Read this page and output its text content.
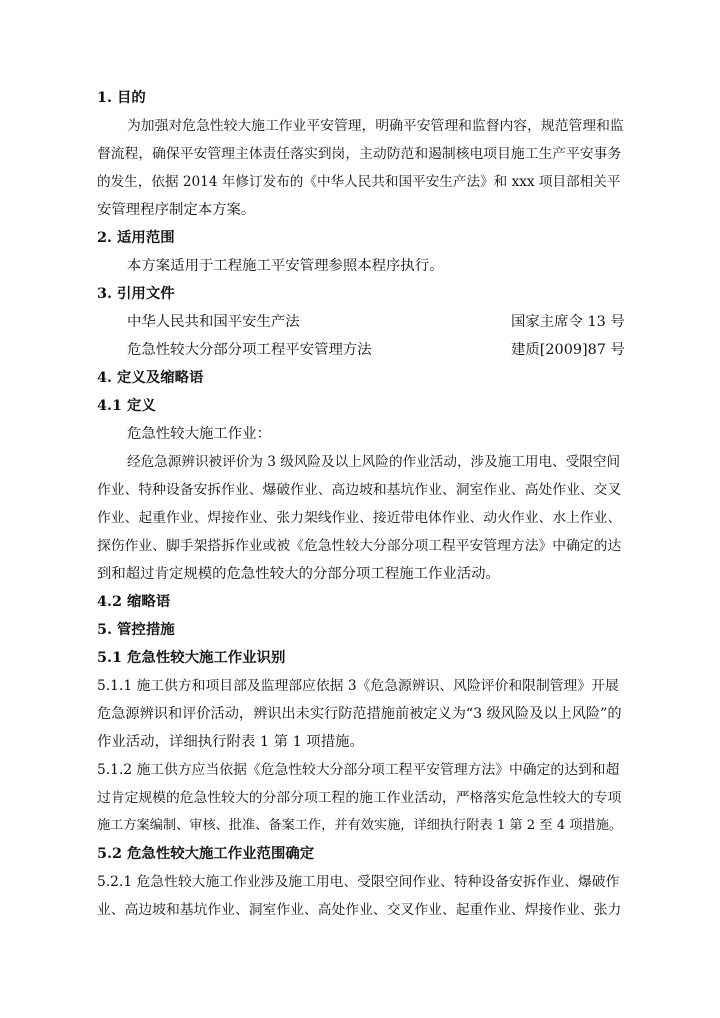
1. 目的
为加强对危急性较大施工作业平安管理，明确平安管理和监督内容，规范管理和监
督流程，确保平安管理主体责任落实到岗，主动防范和遏制核电项目施工生产平安事务
的发生，依据 2014 年修订发布的《中华人民共和国平安生产法》和 xxx 项目部相关平
安管理程序制定本方案。
2. 适用范围
本方案适用于工程施工平安管理参照本程序执行。
3. 引用文件
中华人民共和国平安生产法	国家主席令 13 号
危急性较大分部分项工程平安管理方法	建质[2009]87 号
4. 定义及缩略语
4.1 定义
危急性较大施工作业：
经危急源辨识被评价为 3 级风险及以上风险的作业活动，涉及施工用电、受限空间
作业、特种设备安拆作业、爆破作业、高边坡和基坑作业、洞室作业、高处作业、交叉
作业、起重作业、焊接作业、张力架线作业、接近带电体作业、动火作业、水上作业、
探伤作业、脚手架搭拆作业或被《危急性较大分部分项工程平安管理方法》中确定的达
到和超过肯定规模的危急性较大的分部分项工程施工作业活动。
4.2 缩略语
5. 管控措施
5.1 危急性较大施工作业识别
5.1.1 施工供方和项目部及监理部应依据 3《危急源辨识、风险评价和限制管理》开展
危急源辨识和评价活动，辨识出未实行防范措施前被定义为“3 级风险及以上风险”的
作业活动，详细执行附表 1 第 1 项措施。
5.1.2 施工供方应当依据《危急性较大分部分项工程平安管理方法》中确定的达到和超
过肯定规模的危急性较大的分部分项工程的施工作业活动，严格落实危急性较大的专项
施工方案编制、审核、批准、备案工作，并有效实施，详细执行附表 1 第 2 至 4 项措施。
5.2 危急性较大施工作业范围确定
5.2.1 危急性较大施工作业涉及施工用电、受限空间作业、特种设备安拆作业、爆破作
业、高边坡和基坑作业、洞室作业、高处作业、交叉作业、起重作业、焊接作业、张力
